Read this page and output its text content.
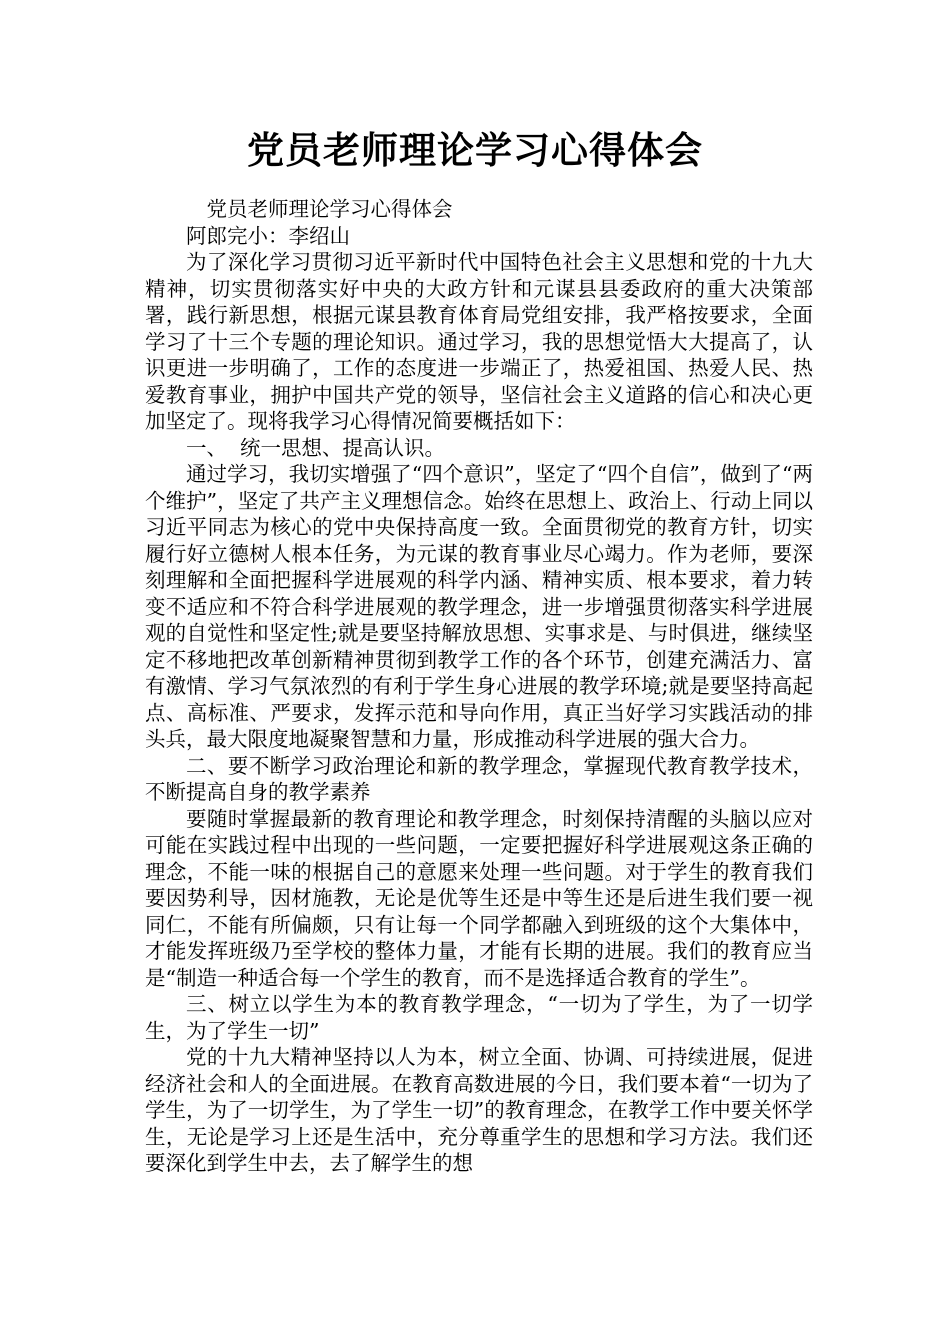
党员老师理论学习心得体会

党员老师理论学习心得体会

阿郎完小：李绍山

为了深化学习贯彻习近平新时代中国特色社会主义思想和党的十九大精神，切实贯彻落实好中央的大政方针和元谋县县委政府的重大决策部署，践行新思想，根据元谋县教育体育局党组安排，我严格按要求，全面学习了十三个专题的理论知识。通过学习，我的思想觉悟大大提高了，认识更进一步明确了，工作的态度进一步端正了，热爱祖国、热爱人民、热爱教育事业，拥护中国共产党的领导，坚信社会主义道路的信心和决心更加坚定了。现将我学习心得情况简要概括如下：

一、  统一思想、提高认识。

通过学习，我切实增强了“四个意识”，坚定了“四个自信”，做到了“两个维护”，坚定了共产主义理想信念。始终在思想上、政治上、行动上同以习近平同志为核心的党中央保持高度一致。全面贯彻党的教育方针，切实履行好立德树人根本任务，为元谋的教育事业尽心竭力。作为老师，要深刻理解和全面把握科学进展观的科学内涵、精神实质、根本要求，着力转变不适应和不符合科学进展观的教学理念，进一步增强贯彻落实科学进展观的自觉性和坚定性;就是要坚持解放思想、实事求是、与时俱进，继续坚定不移地把改革创新精神贯彻到教学工作的各个环节，创建充满活力、富有激情、学习气氛浓烈的有利于学生身心进展的教学环境;就是要坚持高起点、高标准、严要求，发挥示范和导向作用，真正当好学习实践活动的排头兵，最大限度地凝聚智慧和力量，形成推动科学进展的强大合力。

二、要不断学习政治理论和新的教学理念，掌握现代教育教学技术，不断提高自身的教学素养

要随时掌握最新的教育理论和教学理念，时刻保持清醒的头脑以应对可能在实践过程中出现的一些问题，一定要把握好科学进展观这条正确的理念，不能一味的根据自己的意愿来处理一些问题。对于学生的教育我们要因势利导，因材施教，无论是优等生还是中等生还是后进生我们要一视同仁，不能有所偏颇，只有让每一个同学都融入到班级的这个大集体中，才能发挥班级乃至学校的整体力量，才能有长期的进展。我们的教育应当是“制造一种适合每一个学生的教育，而不是选择适合教育的学生”。

三、树立以学生为本的教育教学理念，“一切为了学生，为了一切学生，为了学生一切”

党的十九大精神坚持以人为本，树立全面、协调、可持续进展，促进经济社会和人的全面进展。在教育高数进展的今日，我们要本着“一切为了学生，为了一切学生，为了学生一切”的教育理念，在教学工作中要关怀学生，无论是学习上还是生活中，充分尊重学生的思想和学习方法。我们还要深化到学生中去，去了解学生的想
